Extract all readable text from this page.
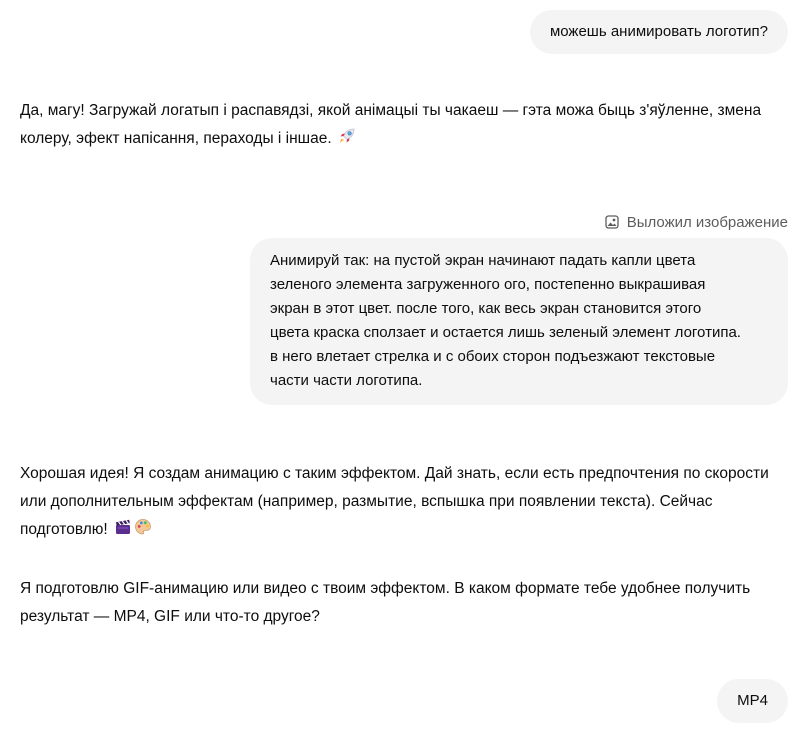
можешь анимировать логотип?
Да, магу! Загружай логатып і распавядзі, якой анімацыі ты чакаеш — гэта можа быць з'яўленне, змена
колеру, эфект напісання, пераходы і іншае.
Выложил изображение
Анимируй так: на пустой экран начинают падать капли цвета
зеленого элемента загруженного ого, постепенно выкрашивая
экран в этот цвет. после того, как весь экран становится этого
цвета краска сползает и остается лишь зеленый элемент логотипа.
в него влетает стрелка и с обоих сторон подъезжают текстовые
части части логотипа.
Хорошая идея! Я создам анимацию с таким эффектом. Дай знать, если есть предпочтения по скорости
или дополнительным эффектам (например, размытие, вспышка при появлении текста). Сейчас
подготовлю!
Я подготовлю GIF-анимацию или видео с твоим эффектом. В каком формате тебе удобнее получить
результат — MP4, GIF или что-то другое?
MP4
